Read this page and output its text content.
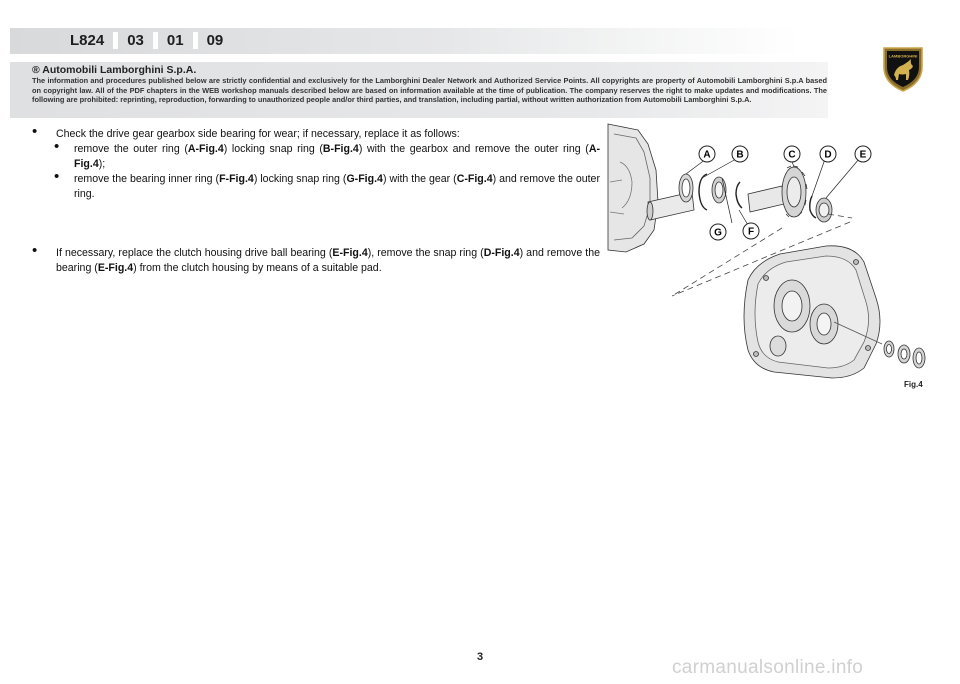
L824 03 01 09
LAMBORGHINI
® Automobili Lamborghini S.p.A.
The information and procedures published below are strictly confidential and exclusively for the Lamborghini Dealer Network and Authorized Service Points. All copyrights are property of Automobili Lamborghini S.p.A based on copyright law. All of the PDF chapters in the WEB workshop manuals described below are based on information available at the time of publication. The company reserves the right to make updates and modifications. The following are prohibited: reprinting, reproduction, forwarding to unauthorized people and/or third parties, and translation, including partial, without written authorization from Automobili Lamborghini S.p.A.
• Check the drive gear gearbox side bearing for wear; if necessary, replace it as follows:
• remove the outer ring (A-Fig.4) locking snap ring (B-Fig.4) with the gearbox and remove the outer ring (A-Fig.4);
• remove the bearing inner ring (F-Fig.4) locking snap ring (G-Fig.4) with the gear (C-Fig.4) and remove the outer ring.
• If necessary, replace the clutch housing drive ball bearing (E-Fig.4), remove the snap ring (D-Fig.4) and remove the bearing (E-Fig.4) from the clutch housing by means of a suitable pad.
A	B	C	D	E
G	F
Fig.4
3	carmanualsonline.info
